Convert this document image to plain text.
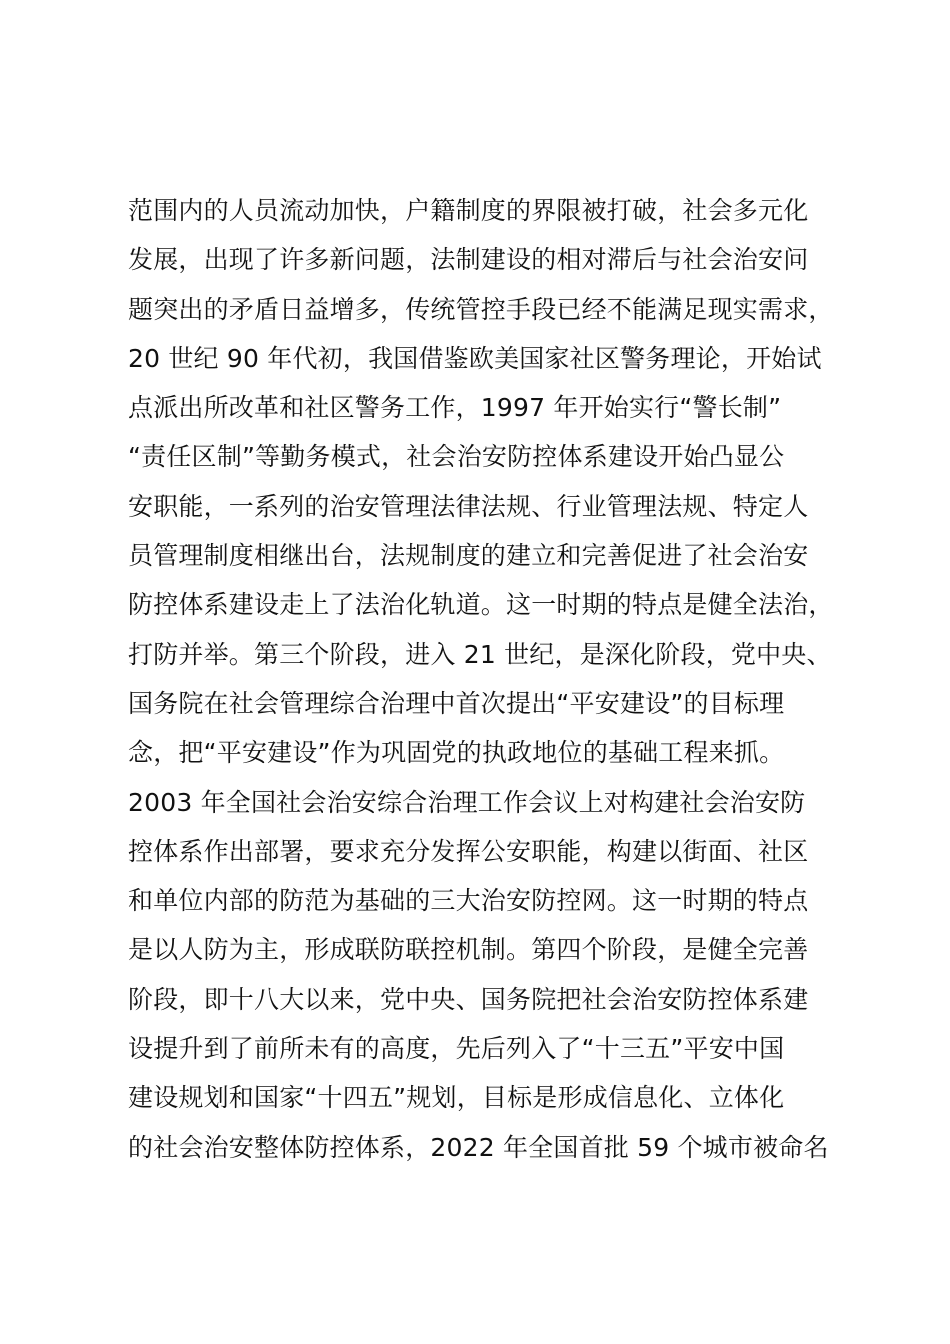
范围内的人员流动加快，户籍制度的界限被打破，社会多元化
发展，出现了许多新问题，法制建设的相对滞后与社会治安问
题突出的矛盾日益增多，传统管控手段已经不能满足现实需求，
20 世纪 90 年代初，我国借鉴欧美国家社区警务理论，开始试
点派出所改革和社区警务工作，1997 年开始实行“警长制”
“责任区制”等勤务模式，社会治安防控体系建设开始凸显公
安职能，一系列的治安管理法律法规、行业管理法规、特定人
员管理制度相继出台，法规制度的建立和完善促进了社会治安
防控体系建设走上了法治化轨道。这一时期的特点是健全法治，
打防并举。第三个阶段，进入 21 世纪，是深化阶段，党中央、
国务院在社会管理综合治理中首次提出“平安建设”的目标理
念，把“平安建设”作为巩固党的执政地位的基础工程来抓。
2003 年全国社会治安综合治理工作会议上对构建社会治安防
控体系作出部署，要求充分发挥公安职能，构建以街面、社区
和单位内部的防范为基础的三大治安防控网。这一时期的特点
是以人防为主，形成联防联控机制。第四个阶段，是健全完善
阶段，即十八大以来，党中央、国务院把社会治安防控体系建
设提升到了前所未有的高度，先后列入了“十三五”平安中国
建设规划和国家“十四五”规划，目标是形成信息化、立体化
的社会治安整体防控体系，2022 年全国首批 59 个城市被命名
